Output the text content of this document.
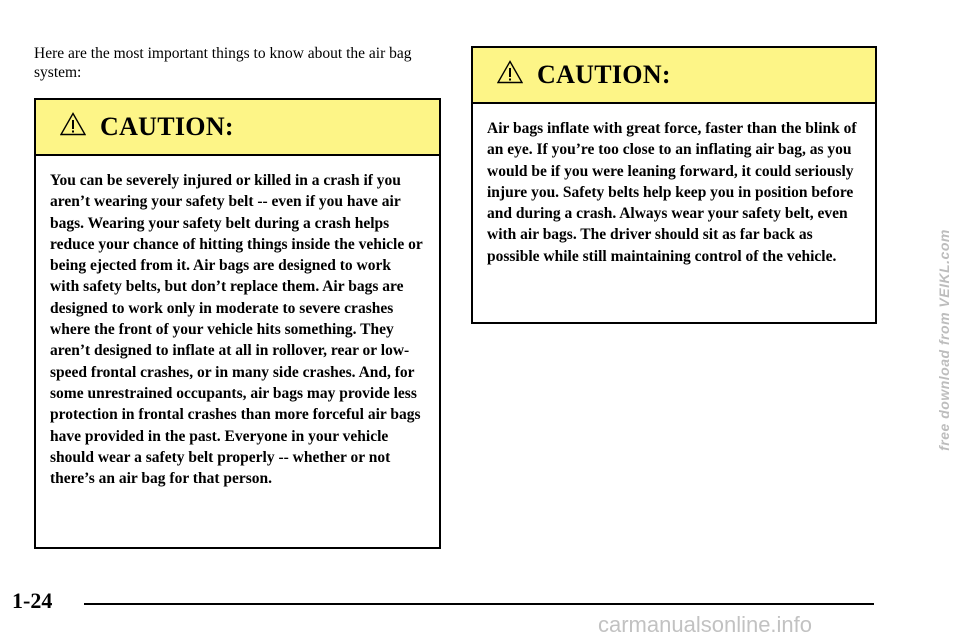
Here are the most important things to know about the air bag system:

CAUTION:

You can be severely injured or killed in a crash if you aren’t wearing your safety belt -- even if you have air bags. Wearing your safety belt during a crash helps reduce your chance of hitting things inside the vehicle or being ejected from it. Air bags are designed to work with safety belts, but don’t replace them. Air bags are designed to work only in moderate to severe crashes where the front of your vehicle hits something. They aren’t designed to inflate at all in rollover, rear or low-speed frontal crashes, or in many side crashes. And, for some unrestrained occupants, air bags may provide less protection in frontal crashes than more forceful air bags have provided in the past. Everyone in your vehicle should wear a safety belt properly -- whether or not there’s an air bag for that person.

CAUTION:

Air bags inflate with great force, faster than the blink of an eye. If you’re too close to an inflating air bag, as you would be if you were leaning forward, it could seriously injure you. Safety belts help keep you in position before and during a crash. Always wear your safety belt, even with air bags. The driver should sit as far back as possible while still maintaining control of the vehicle.

1-24
carmanualsonline.info
free download from VEIKL.com
